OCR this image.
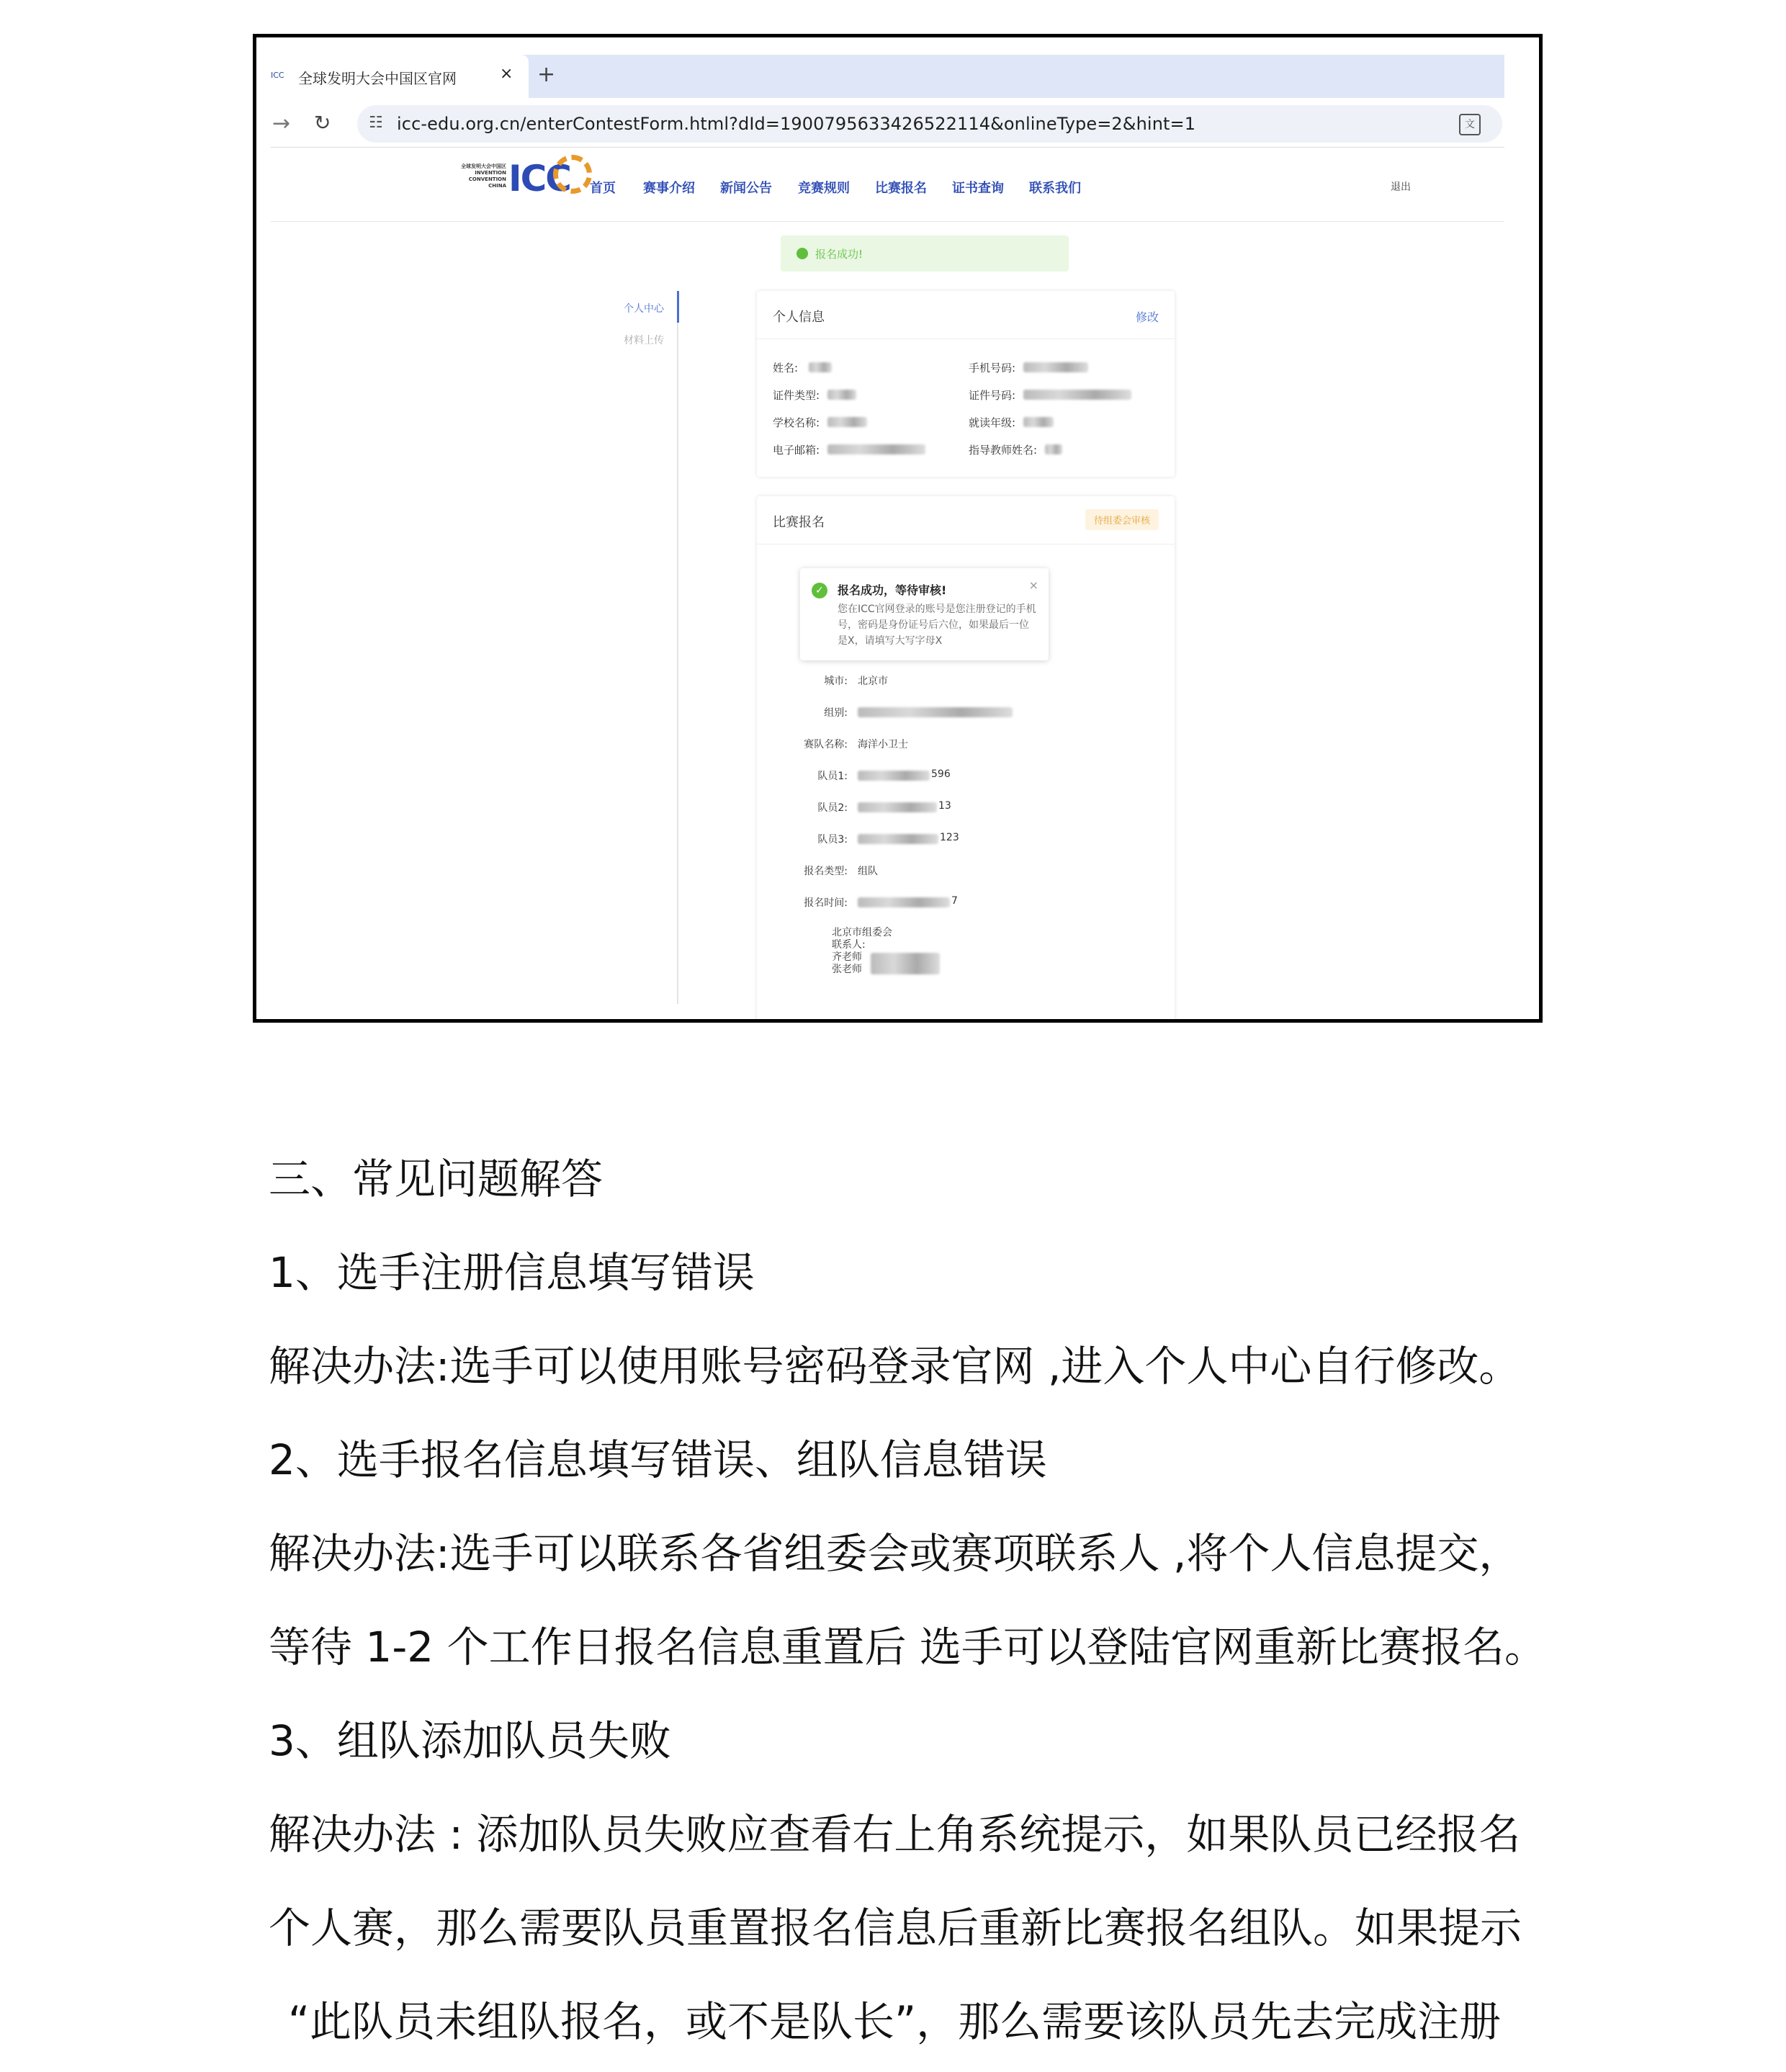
ICC 全球发明大会中国区官网	× +
→ ↻ ☷ icc-edu.org.cn/enterContestForm.html?dId=1900795633426522114&onlineType=2&hint=1	文
全球发明大会中国区
INVENTION
CONVENTION
CHINA ICC 首页 赛事介绍 新闻公告 竞赛规则 比赛报名 证书查询 联系我们	退出
报名成功!
个人中心
材料上传
个人信息	修改
姓名:	手机号码:
证件类型:	证件号码:
学校名称:	就读年级:
电子邮箱:	指导教师姓名:
比赛报名	待组委会审核
✓	报名成功，等待审核!
您在ICC官网登录的账号是您注册登记的手机号，密码是身份证号后六位，如果最后一位是X，请填写大写字母X
×
城市: 北京市
组别:
赛队名称: 海洋小卫士
队员1:	596
队员2:	13
队员3:	123
报名类型: 组队
报名时间:	7
北京市组委会
联系人:
齐老师
张老师
三、常见问题解答
1、选手注册信息填写错误
解决办法:选手可以使用账号密码登录官网 ,进入个人中心自行修改。
2、选手报名信息填写错误、组队信息错误
解决办法:选手可以联系各省组委会或赛项联系人 ,将个人信息提交，
等待 1-2 个工作日报名信息重置后 选手可以登陆官网重新比赛报名。
3、组队添加队员失败
解决办法 : 添加队员失败应查看右上角系统提示，如果队员已经报名
个人赛，那么需要队员重置报名信息后重新比赛报名组队。如果提示
“此队员未组队报名，或不是队长”，那么需要该队员先去完成注册
